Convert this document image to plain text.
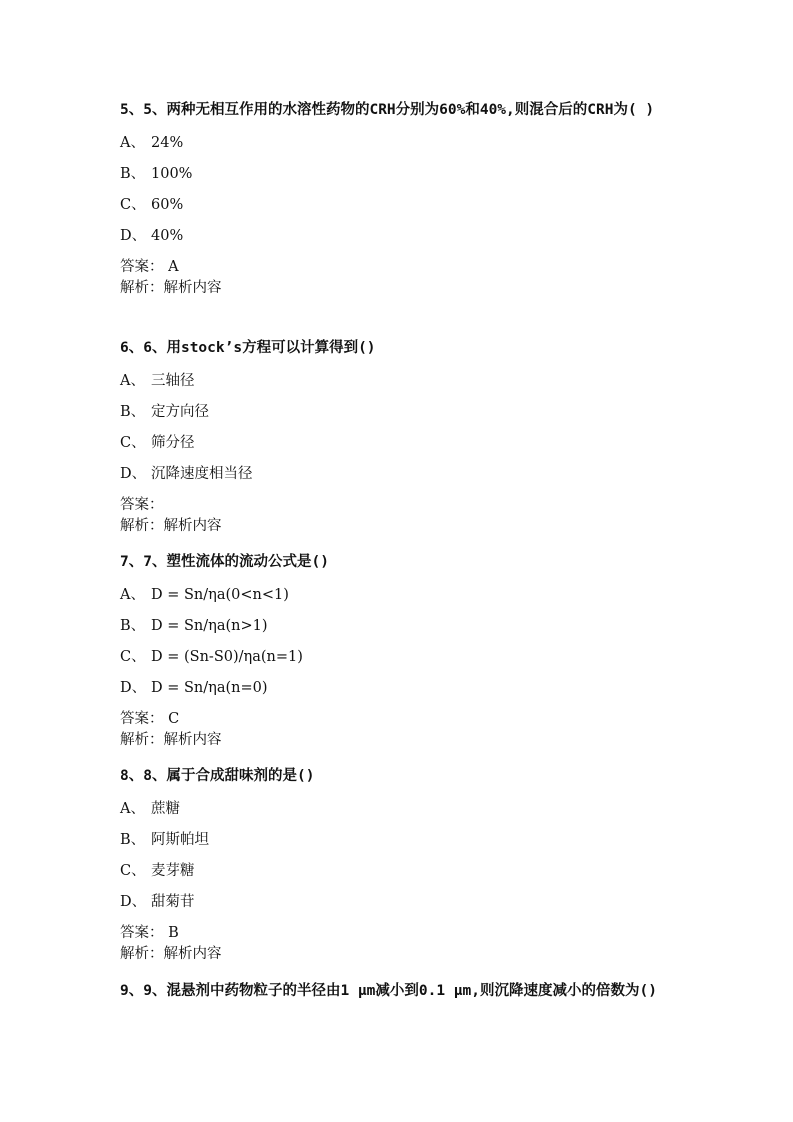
5、5、两种无相互作用的水溶性药物的CRH分别为60%和40%,则混合后的CRH为( )

A、 24%
B、 100%
C、 60%
D、 40%
答案： A
解析：解析内容

6、6、用stock’s方程可以计算得到()

A、 三轴径
B、 定方向径
C、 筛分径
D、 沉降速度相当径
答案：
解析：解析内容

7、7、塑性流体的流动公式是()

A、 D = Sn/ηa(0<n<1)
B、 D = Sn/ηa(n>1)
C、 D = (Sn-S0)/ηa(n=1)
D、 D = Sn/ηa(n=0)
答案： C
解析：解析内容

8、8、属于合成甜味剂的是()

A、 蔗糖
B、 阿斯帕坦
C、 麦芽糖
D、 甜菊苷
答案： B
解析：解析内容

9、9、混悬剂中药物粒子的半径由1 μm减小到0.1 μm,则沉降速度减小的倍数为()
